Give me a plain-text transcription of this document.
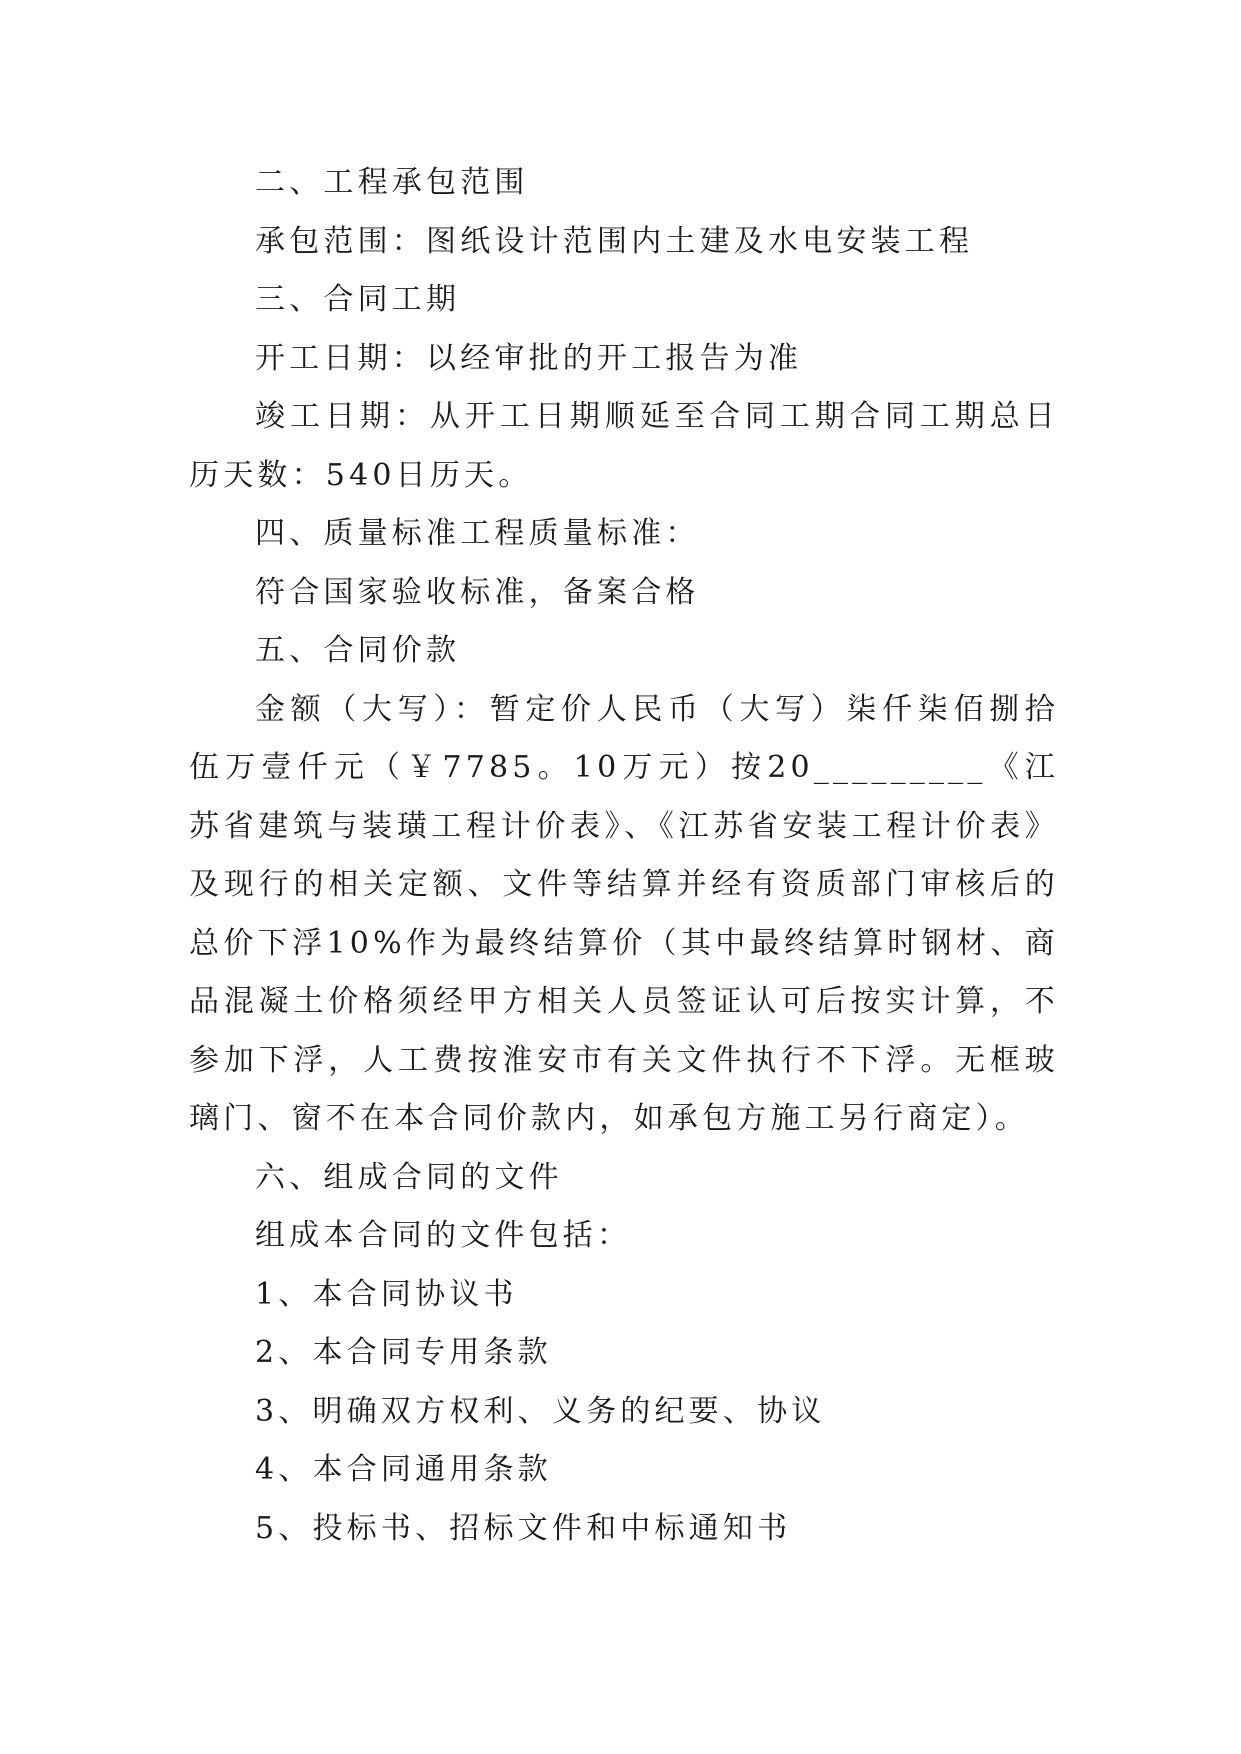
二、工程承包范围

承包范围：图纸设计范围内土建及水电安装工程

三、合同工期

开工日期：以经审批的开工报告为准

竣工日期：从开工日期顺延至合同工期合同工期总日历天数：540日历天。

四、质量标准工程质量标准：

符合国家验收标准，备案合格

五、合同价款

金额（大写）：暂定价人民币（大写）柒仟柒佰捌拾伍万壹仟元（￥7785。10万元）按20_________《江苏省建筑与装璜工程计价表》、《江苏省安装工程计价表》及现行的相关定额、文件等结算并经有资质部门审核后的总价下浮10%作为最终结算价（其中最终结算时钢材、商品混凝土价格须经甲方相关人员签证认可后按实计算，不参加下浮，人工费按淮安市有关文件执行不下浮。无框玻璃门、窗不在本合同价款内，如承包方施工另行商定）。

六、组成合同的文件

组成本合同的文件包括：

1、本合同协议书

2、本合同专用条款

3、明确双方权利、义务的纪要、协议

4、本合同通用条款

5、投标书、招标文件和中标通知书
